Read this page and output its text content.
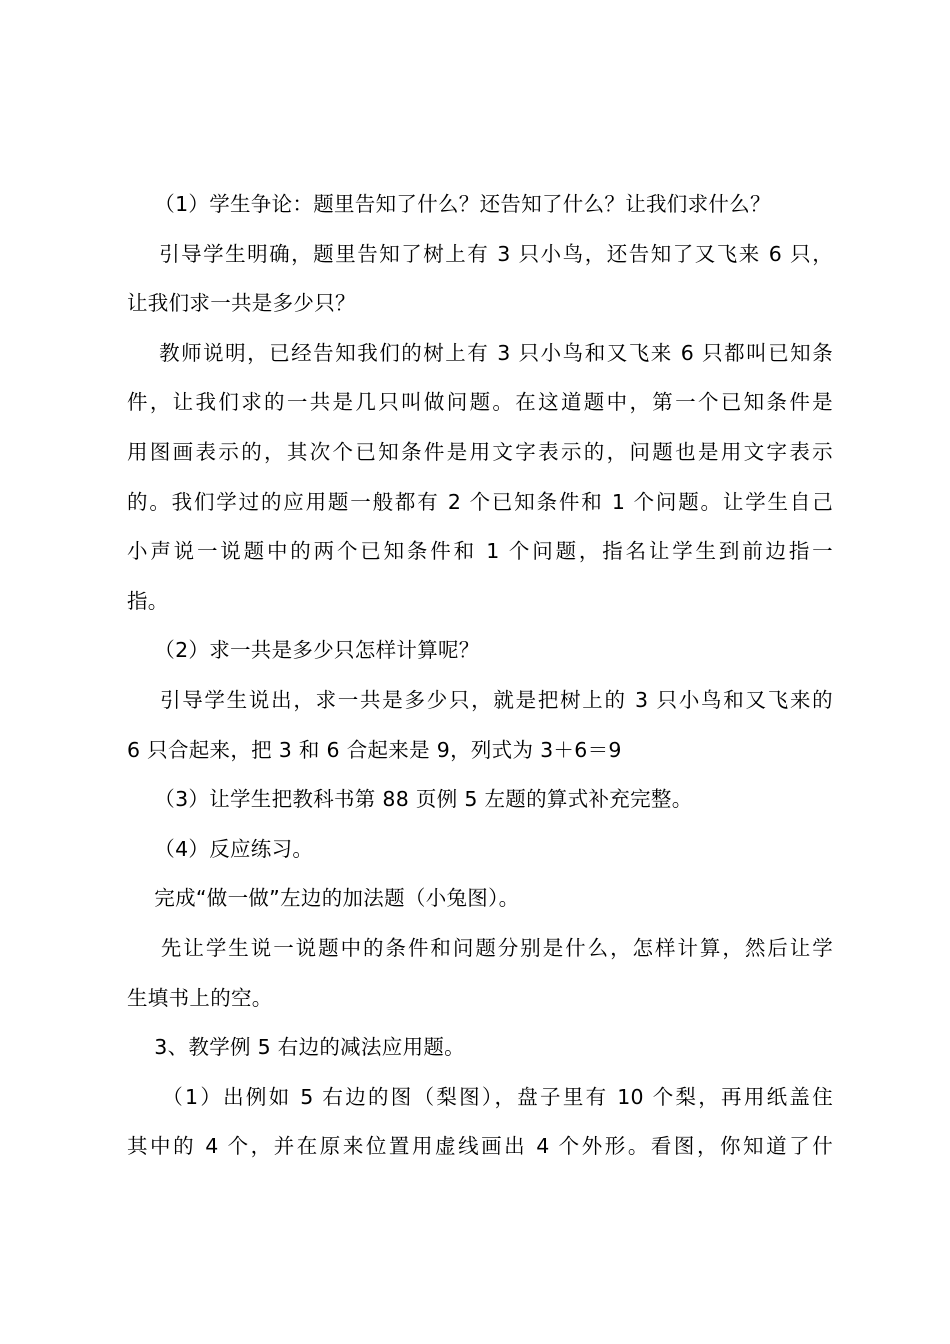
（1）学生争论：题里告知了什么？还告知了什么？让我们求什么？

引导学生明确，题里告知了树上有 3 只小鸟，还告知了又飞来 6 只，
让我们求一共是多少只？

教师说明，已经告知我们的树上有 3 只小鸟和又飞来 6 只都叫已知条
件，让我们求的一共是几只叫做问题。在这道题中，第一个已知条件是
用图画表示的，其次个已知条件是用文字表示的，问题也是用文字表示
的。我们学过的应用题一般都有 2 个已知条件和 1 个问题。让学生自己
小声说一说题中的两个已知条件和 1 个问题，指名让学生到前边指一
指。

（2）求一共是多少只怎样计算呢？

引导学生说出，求一共是多少只，就是把树上的 3 只小鸟和又飞来的
6 只合起来，把 3 和 6 合起来是 9，列式为 3＋6＝9

（3）让学生把教科书第 88 页例 5 左题的算式补充完整。

（4）反应练习。

完成“做一做”左边的加法题（小兔图）。

先让学生说一说题中的条件和问题分别是什么，怎样计算，然后让学
生填书上的空。

3、教学例 5 右边的减法应用题。

（1）出例如 5 右边的图（梨图），盘子里有 10 个梨，再用纸盖住
其中的 4 个，并在原来位置用虚线画出 4 个外形。看图，你知道了什
